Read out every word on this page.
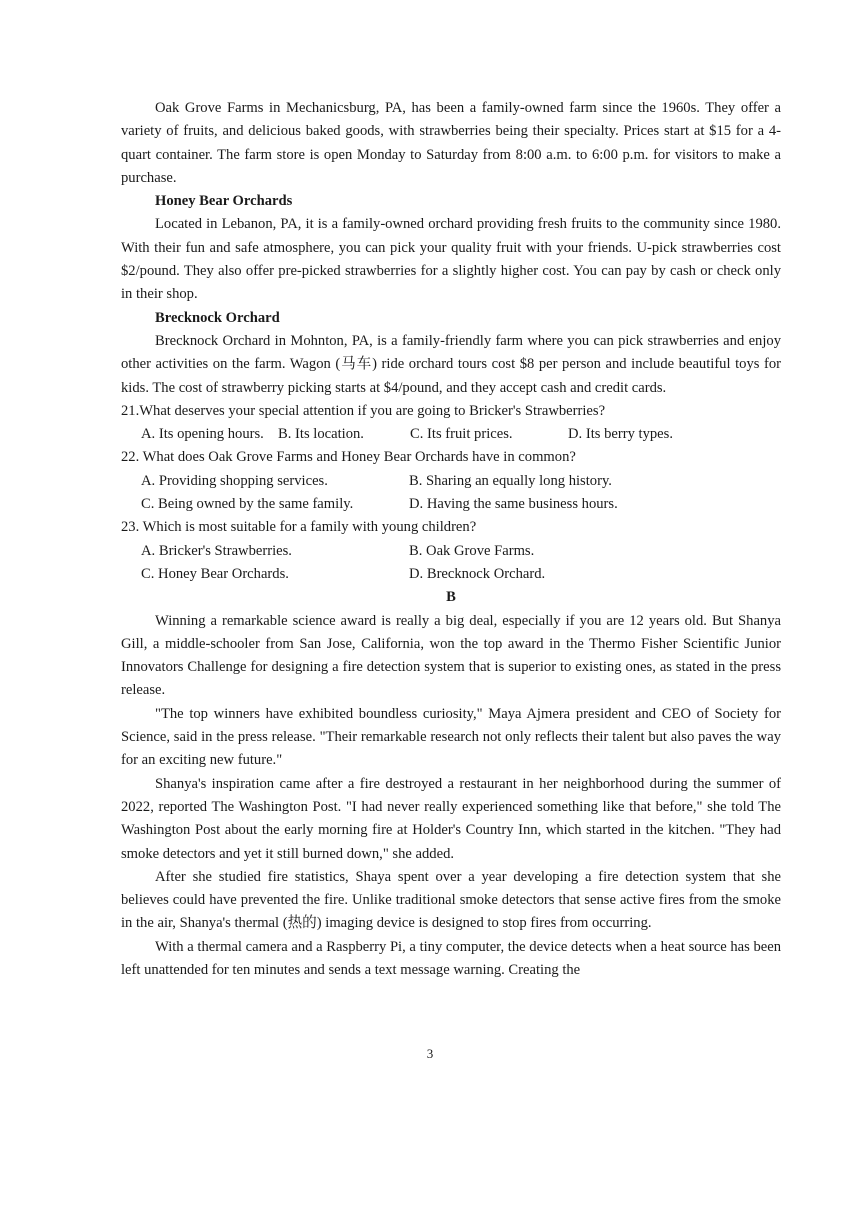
Oak Grove Farms in Mechanicsburg, PA, has been a family-owned farm since the 1960s. They offer a variety of fruits, and delicious baked goods, with strawberries being their specialty. Prices start at $15 for a 4-quart container. The farm store is open Monday to Saturday from 8:00 a.m. to 6:00 p.m. for visitors to make a purchase.

Honey Bear Orchards

Located in Lebanon, PA, it is a family-owned orchard providing fresh fruits to the community since 1980. With their fun and safe atmosphere, you can pick your quality fruit with your friends. U-pick strawberries cost $2/pound. They also offer pre-picked strawberries for a slightly higher cost. You can pay by cash or check only in their shop.

Brecknock Orchard

Brecknock Orchard in Mohnton, PA, is a family-friendly farm where you can pick strawberries and enjoy other activities on the farm. Wagon (马车) ride orchard tours cost $8 per person and include beautiful toys for kids. The cost of strawberry picking starts at $4/pound, and they accept cash and credit cards.

21.What deserves your special attention if you are going to Bricker's Strawberries?

A. Its opening hours. B. Its location.	C. Its fruit prices.	D. Its berry types.

22. What does Oak Grove Farms and Honey Bear Orchards have in common?

A. Providing shopping services.	B. Sharing an equally long history.
C. Being owned by the same family.	D. Having the same business hours.

23. Which is most suitable for a family with young children?

A. Bricker's Strawberries.	B. Oak Grove Farms.
C. Honey Bear Orchards.	D. Brecknock Orchard.

B

Winning a remarkable science award is really a big deal, especially if you are 12 years old. But Shanya Gill, a middle-schooler from San Jose, California, won the top award in the Thermo Fisher Scientific Junior Innovators Challenge for designing a fire detection system that is superior to existing ones, as stated in the press release.

"The top winners have exhibited boundless curiosity," Maya Ajmera president and CEO of Society for Science, said in the press release. "Their remarkable research not only reflects their talent but also paves the way for an exciting new future."

Shanya's inspiration came after a fire destroyed a restaurant in her neighborhood during the summer of 2022, reported The Washington Post. "I had never really experienced something like that before," she told The Washington Post about the early morning fire at Holder's Country Inn, which started in the kitchen. "They had smoke detectors and yet it still burned down," she added.

After she studied fire statistics, Shaya spent over a year developing a fire detection system that she believes could have prevented the fire. Unlike traditional smoke detectors that sense active fires from the smoke in the air, Shanya's thermal (热的) imaging device is designed to stop fires from occurring.

With a thermal camera and a Raspberry Pi, a tiny computer, the device detects when a heat source has been left unattended for ten minutes and sends a text message warning. Creating the

3
